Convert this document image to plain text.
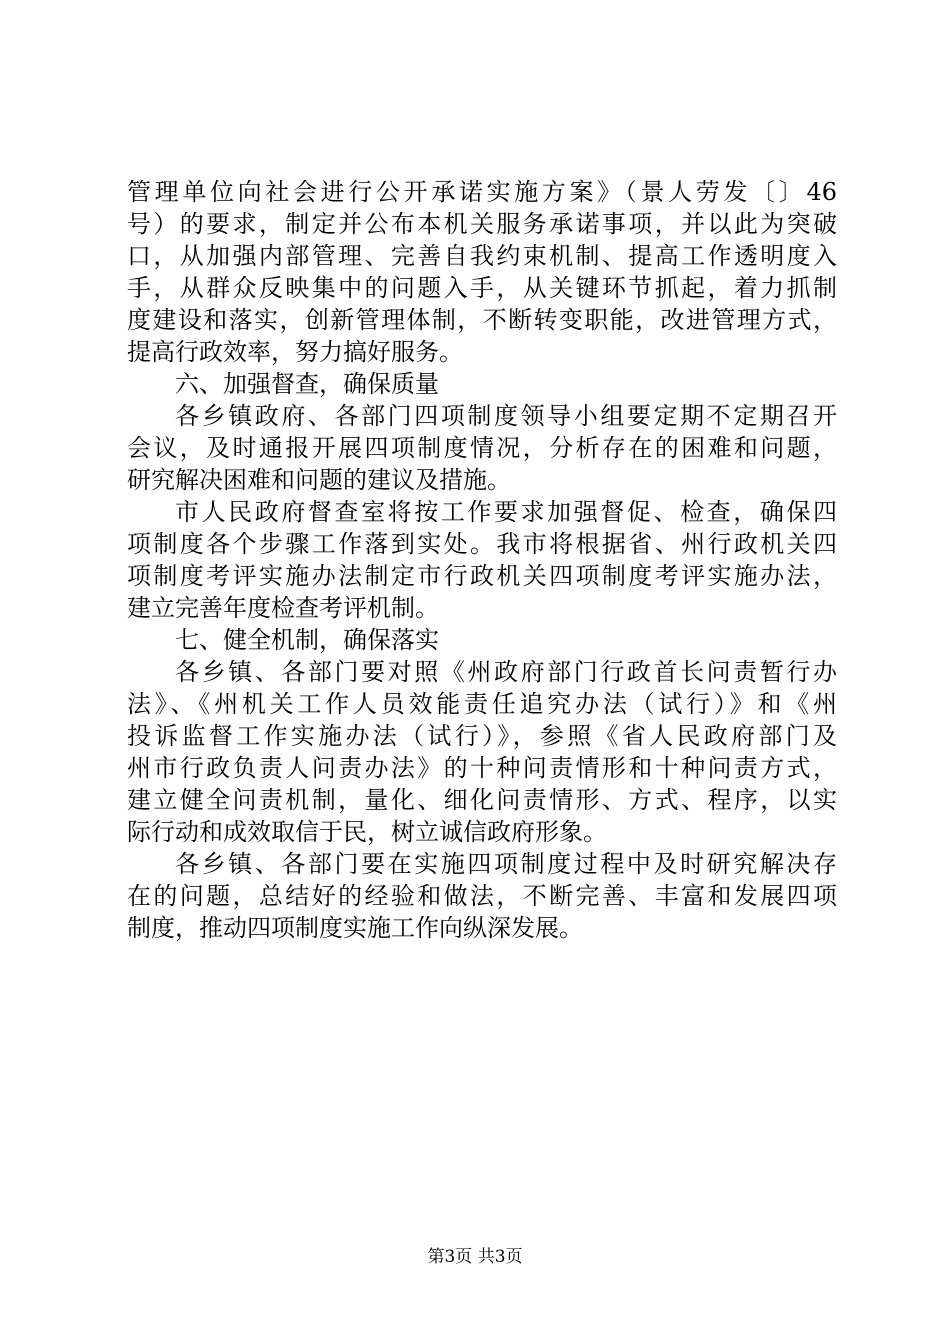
管理单位向社会进行公开承诺实施方案》（景人劳发〔〕46
号）的要求，制定并公布本机关服务承诺事项，并以此为突破
口，从加强内部管理、完善自我约束机制、提高工作透明度入
手，从群众反映集中的问题入手，从关键环节抓起，着力抓制
度建设和落实，创新管理体制，不断转变职能，改进管理方式，
提高行政效率，努力搞好服务。
六、加强督查，确保质量
各乡镇政府、各部门四项制度领导小组要定期不定期召开
会议，及时通报开展四项制度情况，分析存在的困难和问题，
研究解决困难和问题的建议及措施。
市人民政府督查室将按工作要求加强督促、检查，确保四
项制度各个步骤工作落到实处。我市将根据省、州行政机关四
项制度考评实施办法制定市行政机关四项制度考评实施办法，
建立完善年度检查考评机制。
七、健全机制，确保落实
各乡镇、各部门要对照《州政府部门行政首长问责暂行办
法》、《州机关工作人员效能责任追究办法（试行）》和《州
投诉监督工作实施办法（试行）》，参照《省人民政府部门及
州市行政负责人问责办法》的十种问责情形和十种问责方式，
建立健全问责机制，量化、细化问责情形、方式、程序，以实
际行动和成效取信于民，树立诚信政府形象。
各乡镇、各部门要在实施四项制度过程中及时研究解决存
在的问题，总结好的经验和做法，不断完善、丰富和发展四项
制度，推动四项制度实施工作向纵深发展。
第3页 共3页
